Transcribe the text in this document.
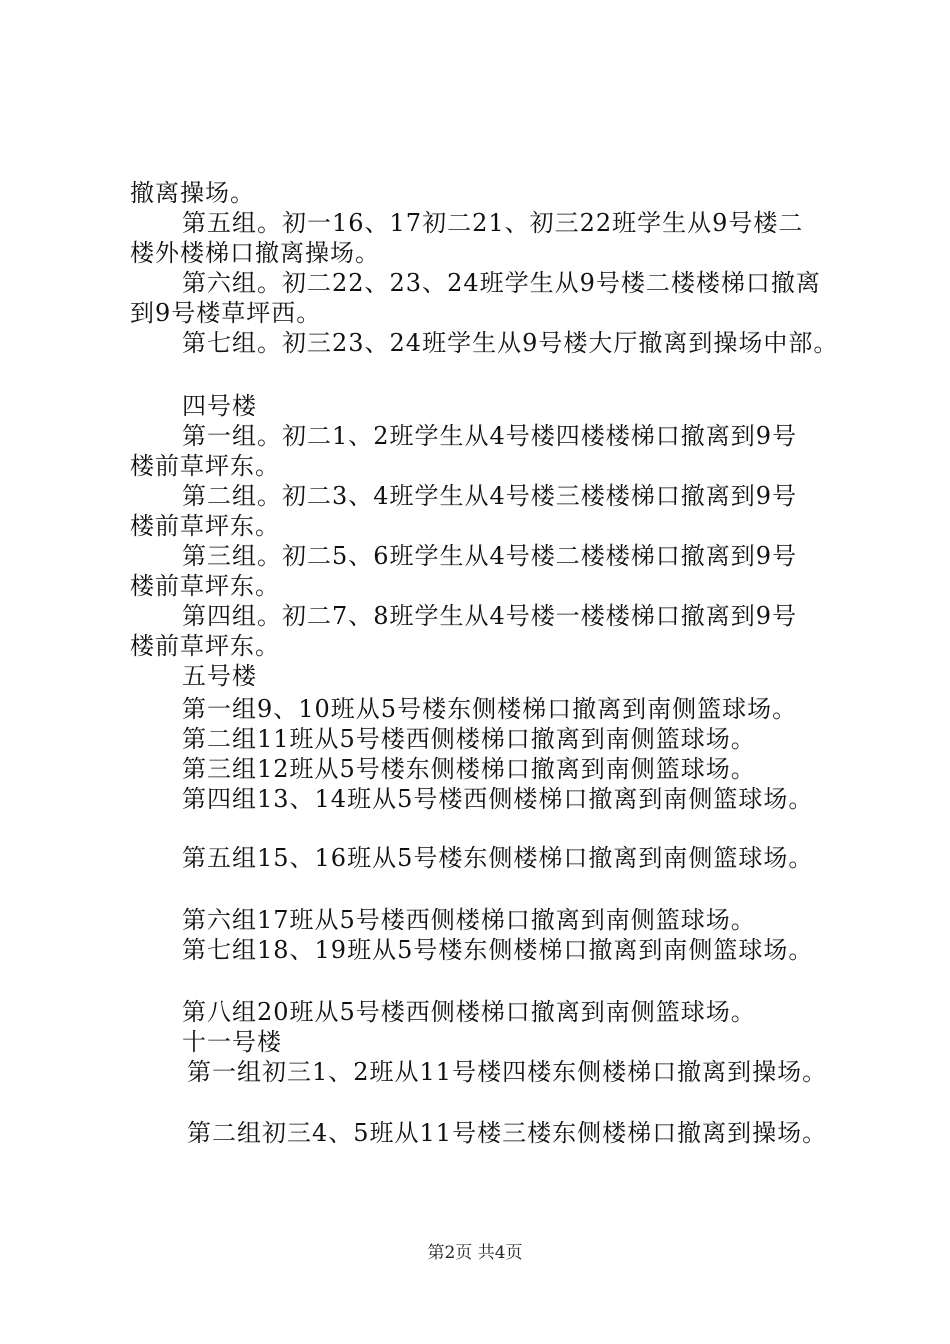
撤离操场。
第五组。初一16、17初二21、初三22班学生从9号楼二
楼外楼梯口撤离操场。
第六组。初二22、23、24班学生从9号楼二楼楼梯口撤离
到9号楼草坪西。
第七组。初三23、24班学生从9号楼大厅撤离到操场中部。
四号楼
第一组。初二1、2班学生从4号楼四楼楼梯口撤离到9号
楼前草坪东。
第二组。初二3、4班学生从4号楼三楼楼梯口撤离到9号
楼前草坪东。
第三组。初二5、6班学生从4号楼二楼楼梯口撤离到9号
楼前草坪东。
第四组。初二7、8班学生从4号楼一楼楼梯口撤离到9号
楼前草坪东。
五号楼
第一组9、10班从5号楼东侧楼梯口撤离到南侧篮球场。
第二组11班从5号楼西侧楼梯口撤离到南侧篮球场。
第三组12班从5号楼东侧楼梯口撤离到南侧篮球场。
第四组13、14班从5号楼西侧楼梯口撤离到南侧篮球场。
第五组15、16班从5号楼东侧楼梯口撤离到南侧篮球场。
第六组17班从5号楼西侧楼梯口撤离到南侧篮球场。
第七组18、19班从5号楼东侧楼梯口撤离到南侧篮球场。
第八组20班从5号楼西侧楼梯口撤离到南侧篮球场。
十一号楼
第一组初三1、2班从11号楼四楼东侧楼梯口撤离到操场。
第二组初三4、5班从11号楼三楼东侧楼梯口撤离到操场。
第2页 共4页
